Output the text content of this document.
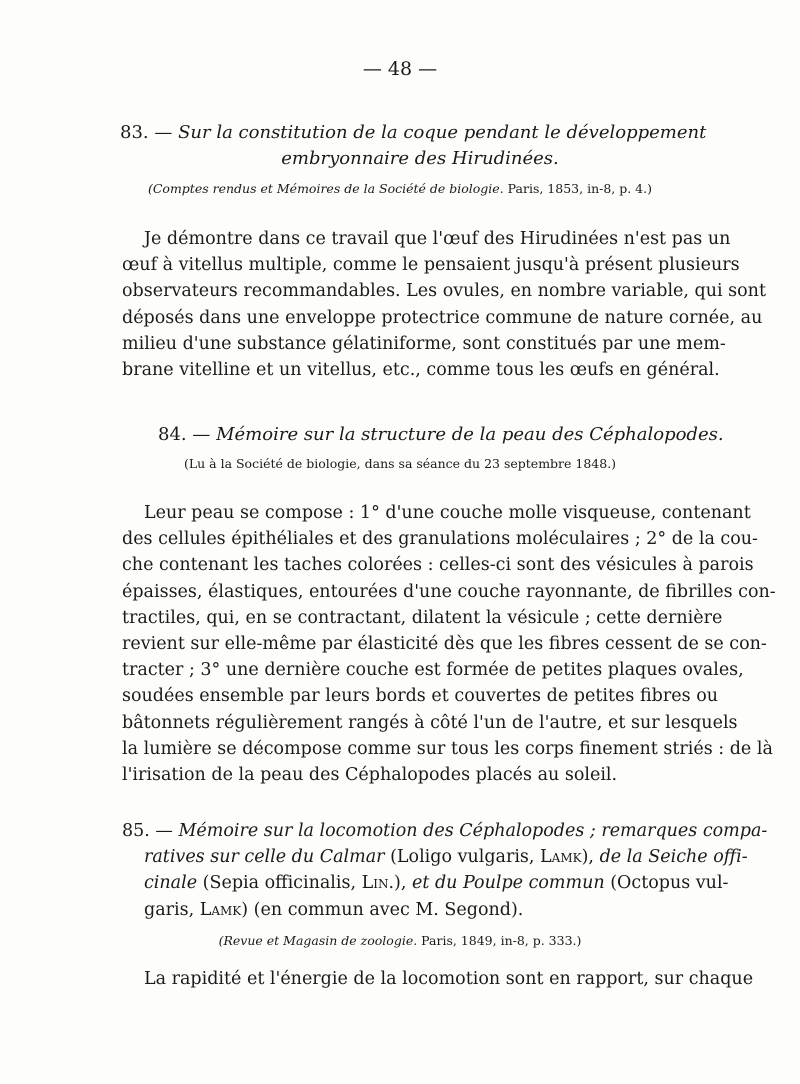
— 48 —
83. — Sur la constitution de la coque pendant le développement
embryonnaire des Hirudinées.
(Comptes rendus et Mémoires de la Société de biologie. Paris, 1853, in-8, p. 4.)
Je démontre dans ce travail que l'œuf des Hirudinées n'est pas un
œuf à vitellus multiple, comme le pensaient jusqu'à présent plusieurs
observateurs recommandables. Les ovules, en nombre variable, qui sont
déposés dans une enveloppe protectrice commune de nature cornée, au
milieu d'une substance gélatiniforme, sont constitués par une mem-
brane vitelline et un vitellus, etc., comme tous les œufs en général.
84. — Mémoire sur la structure de la peau des Céphalopodes.
(Lu à la Société de biologie, dans sa séance du 23 septembre 1848.)
Leur peau se compose : 1° d'une couche molle visqueuse, contenant
des cellules épithéliales et des granulations moléculaires ; 2° de la cou-
che contenant les taches colorées : celles-ci sont des vésicules à parois
épaisses, élastiques, entourées d'une couche rayonnante, de fibrilles con-
tractiles, qui, en se contractant, dilatent la vésicule ; cette dernière
revient sur elle-même par élasticité dès que les fibres cessent de se con-
tracter ; 3° une dernière couche est formée de petites plaques ovales,
soudées ensemble par leurs bords et couvertes de petites fibres ou
bâtonnets régulièrement rangés à côté l'un de l'autre, et sur lesquels
la lumière se décompose comme sur tous les corps finement striés : de là
l'irisation de la peau des Céphalopodes placés au soleil.
85. — Mémoire sur la locomotion des Céphalopodes ; remarques compa-
ratives sur celle du Calmar (Loligo vulgaris, Lamk), de la Seiche offi-
cinale (Sepia officinalis, Lin.), et du Poulpe commun (Octopus vul-
garis, Lamk) (en commun avec M. Segond).
(Revue et Magasin de zoologie. Paris, 1849, in-8, p. 333.)
La rapidité et l'énergie de la locomotion sont en rapport, sur chaque
